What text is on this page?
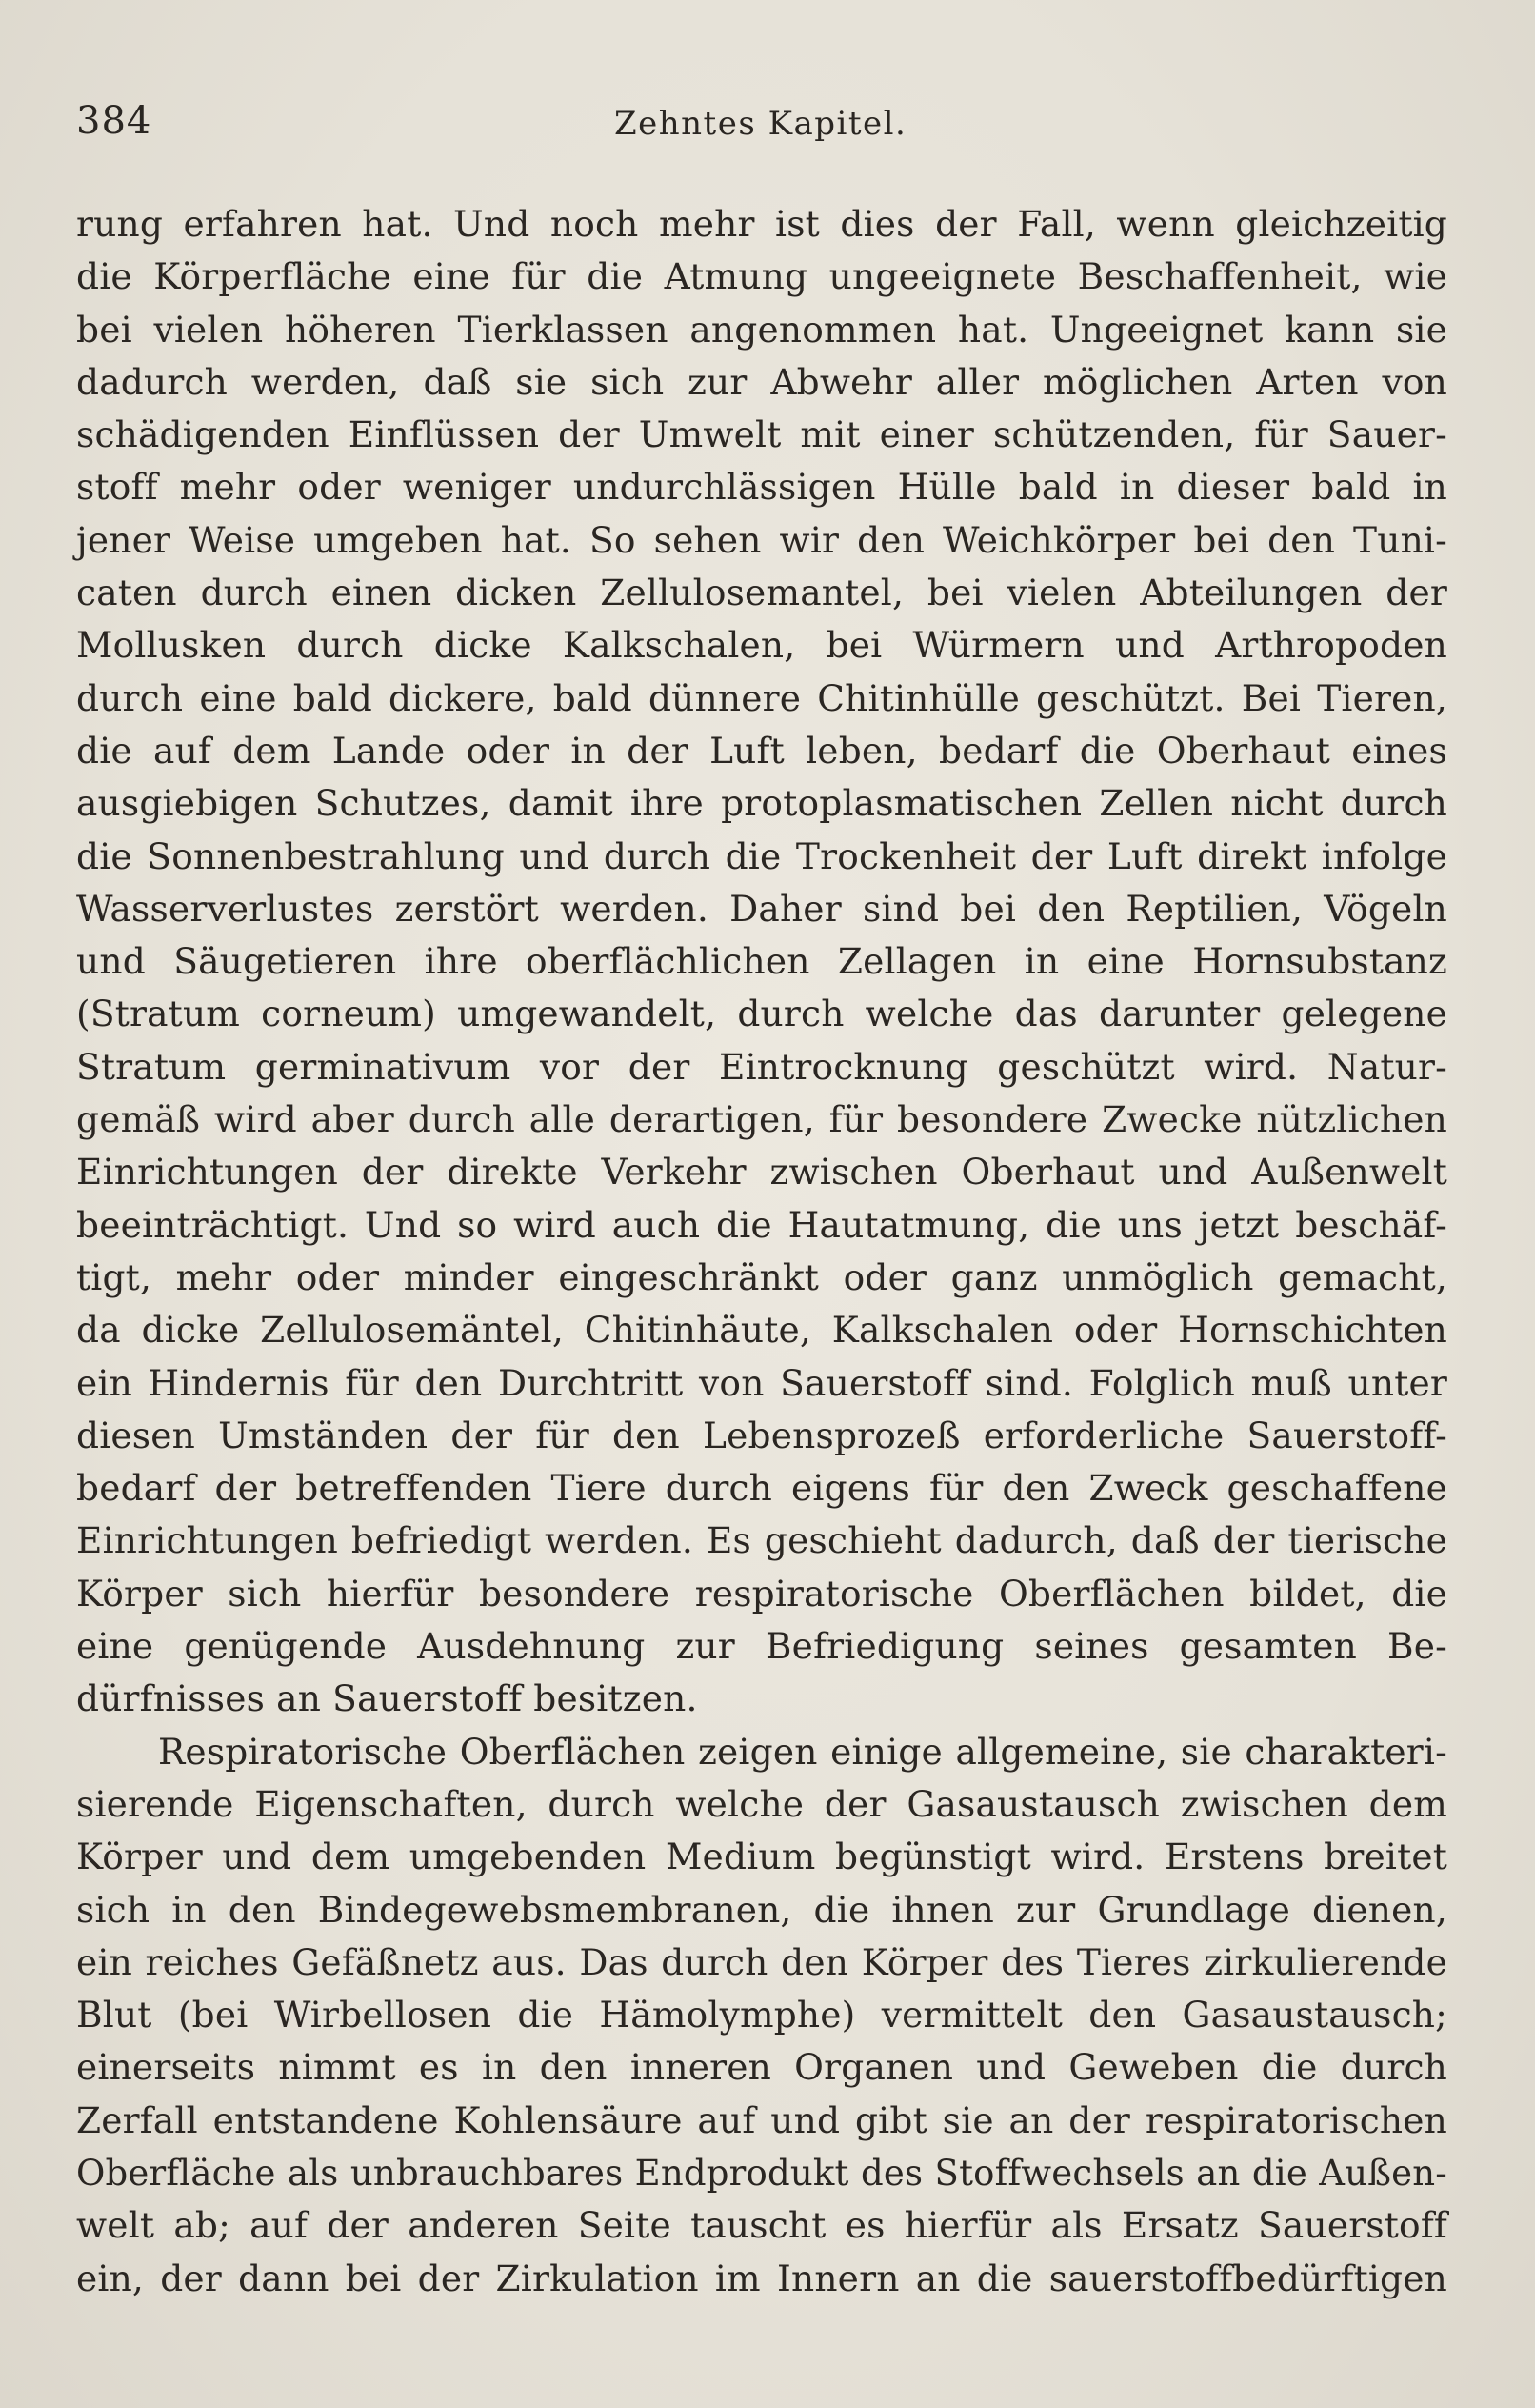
384	Zehntes Kapitel.
rung erfahren hat. Und noch mehr ist dies der Fall, wenn gleichzeitig
die Körperfläche eine für die Atmung ungeeignete Beschaffenheit, wie
bei vielen höheren Tierklassen angenommen hat. Ungeeignet kann sie
dadurch werden, daß sie sich zur Abwehr aller möglichen Arten von
schädigenden Einflüssen der Umwelt mit einer schützenden, für Sauer-
stoff mehr oder weniger undurchlässigen Hülle bald in dieser bald in
jener Weise umgeben hat. So sehen wir den Weichkörper bei den Tuni-
caten durch einen dicken Zellulosemantel, bei vielen Abteilungen der
Mollusken durch dicke Kalkschalen, bei Würmern und Arthropoden
durch eine bald dickere, bald dünnere Chitinhülle geschützt. Bei Tieren,
die auf dem Lande oder in der Luft leben, bedarf die Oberhaut eines
ausgiebigen Schutzes, damit ihre protoplasmatischen Zellen nicht durch
die Sonnenbestrahlung und durch die Trockenheit der Luft direkt infolge
Wasserverlustes zerstört werden. Daher sind bei den Reptilien, Vögeln
und Säugetieren ihre oberflächlichen Zellagen in eine Hornsubstanz
(Stratum corneum) umgewandelt, durch welche das darunter gelegene
Stratum germinativum vor der Eintrocknung geschützt wird. Natur-
gemäß wird aber durch alle derartigen, für besondere Zwecke nützlichen
Einrichtungen der direkte Verkehr zwischen Oberhaut und Außenwelt
beeinträchtigt. Und so wird auch die Hautatmung, die uns jetzt beschäf-
tigt, mehr oder minder eingeschränkt oder ganz unmöglich gemacht,
da dicke Zellulosemäntel, Chitinhäute, Kalkschalen oder Hornschichten
ein Hindernis für den Durchtritt von Sauerstoff sind. Folglich muß unter
diesen Umständen der für den Lebensprozeß erforderliche Sauerstoff-
bedarf der betreffenden Tiere durch eigens für den Zweck geschaffene
Einrichtungen befriedigt werden. Es geschieht dadurch, daß der tierische
Körper sich hierfür besondere respiratorische Oberflächen bildet, die
eine genügende Ausdehnung zur Befriedigung seines gesamten Be-
dürfnisses an Sauerstoff besitzen.
Respiratorische Oberflächen zeigen einige allgemeine, sie charakteri-
sierende Eigenschaften, durch welche der Gasaustausch zwischen dem
Körper und dem umgebenden Medium begünstigt wird. Erstens breitet
sich in den Bindegewebsmembranen, die ihnen zur Grundlage dienen,
ein reiches Gefäßnetz aus. Das durch den Körper des Tieres zirkulierende
Blut (bei Wirbellosen die Hämolymphe) vermittelt den Gasaustausch;
einerseits nimmt es in den inneren Organen und Geweben die durch
Zerfall entstandene Kohlensäure auf und gibt sie an der respiratorischen
Oberfläche als unbrauchbares Endprodukt des Stoffwechsels an die Außen-
welt ab; auf der anderen Seite tauscht es hierfür als Ersatz Sauerstoff
ein, der dann bei der Zirkulation im Innern an die sauerstoffbedürftigen
